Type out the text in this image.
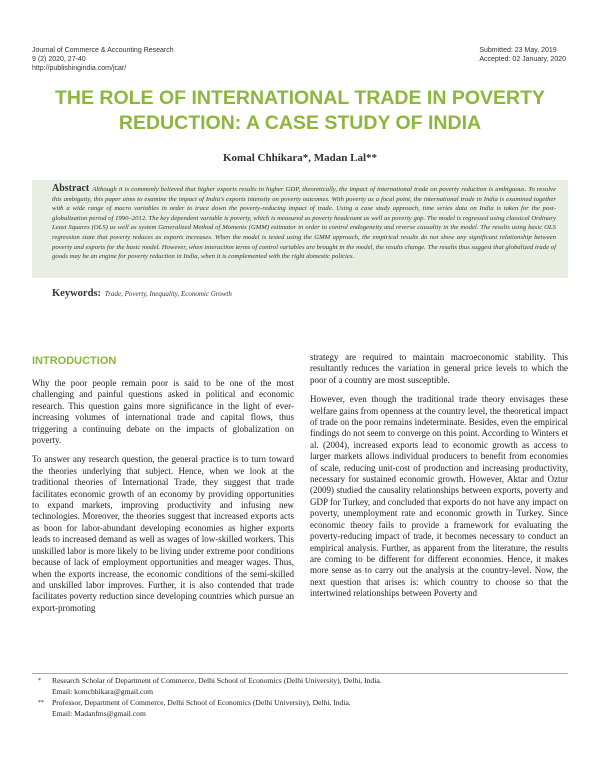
Journal of Commerce & Accounting Research
9 (2) 2020, 27-40
http://publishingindia.com/jcar/
Submitted: 23 May, 2019
Accepted: 02 January, 2020
THE ROLE OF INTERNATIONAL TRADE IN POVERTY
REDUCTION: A CASE STUDY OF INDIA
Komal Chhikara*, Madan Lal**
Abstract Although it is commonly believed that higher exports results in higher GDP, theoretically, the impact of international trade on poverty reduction is ambiguous. To resolve this ambiguity, this paper aims to examine the impact of India's exports intensity on poverty outcomes. With poverty as a focal point, the international trade in India is examined together with a wide range of macro variables in order to trace down the poverty-reducing impact of trade. Using a case study approach, time series data on India is taken for the post-globalization period of 1990–2012. The key dependent variable is poverty, which is measured as poverty headcount as well as poverty gap. The model is regressed using classical Ordinary Least Squares (OLS) as well as system Generalized Method of Moments (GMM) estimator in order to control endogeneity and reverse causality in the model. The results using basic OLS regression state that poverty reduces as exports increases. When the model is tested using the GMM approach, the empirical results do not show any significant relationship between poverty and exports for the basic model. However, when interaction terms of control variables are brought in the model, the results change. The results thus suggest that globalized trade of goods may be an engine for poverty reduction in India, when it is complemented with the right domestic policies.
Keywords: Trade, Poverty, Inequality, Economic Growth
INTRODUCTION

Why the poor people remain poor is said to be one of the most challenging and painful questions asked in political and economic research. This question gains more significance in the light of ever-increasing volumes of international trade and capital flows, thus triggering a continuing debate on the impacts of globalization on poverty.

To answer any research question, the general practice is to turn toward the theories underlying that subject. Hence, when we look at the traditional theories of International Trade, they suggest that trade facilitates economic growth of an economy by providing opportunities to expand markets, improving productivity and infusing new technologies. Moreover, the theories suggest that increased exports acts as boon for labor-abundant developing economies as higher exports leads to increased demand as well as wages of low-skilled workers. This unskilled labor is more likely to be living under extreme poor conditions because of lack of employment opportunities and meager wages. Thus, when the exports increase, the economic conditions of the semi-skilled and unskilled labor improves. Further, it is also contended that trade facilitates poverty reduction since developing countries which pursue an export-promoting

strategy are required to maintain macroeconomic stability. This resultantly reduces the variation in general price levels to which the poor of a country are most susceptible.

However, even though the traditional trade theory envisages these welfare gains from openness at the country level, the theoretical impact of trade on the poor remains indeterminate. Besides, even the empirical findings do not seem to converge on this point. According to Winters et al. (2004), increased exports lead to economic growth as access to larger markets allows individual producers to benefit from economies of scale, reducing unit-cost of production and increasing productivity, necessary for sustained economic growth. However, Aktar and Oztur (2009) studied the causality relationships between exports, poverty and GDP for Turkey, and concluded that exports do not have any impact on poverty, unemployment rate and economic growth in Turkey. Since economic theory fails to provide a framework for evaluating the poverty-reducing impact of trade, it becomes necessary to conduct an empirical analysis. Further, as apparent from the literature, the results are coming to be different for different economies. Hence, it makes more sense as to carry out the analysis at the country-level. Now, the next question that arises is: which country to choose so that the intertwined relationships between Poverty and

*	Research Scholar of Department of Commerce, Delhi School of Economics (Delhi University), Delhi, India.
Email: komchhikara@gmail.com
**	Professor, Department of Commerce, Delhi School of Economics (Delhi University), Delhi, India.
Email: Madanfms@gmail.com
